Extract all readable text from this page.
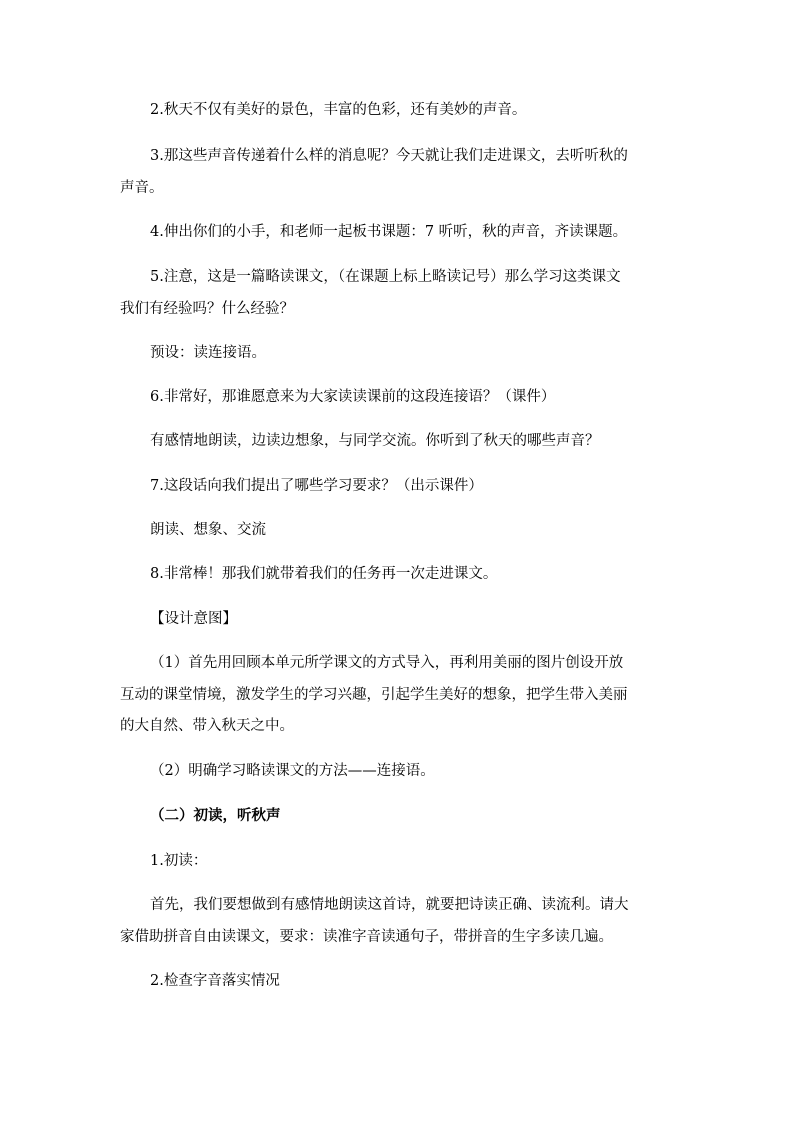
2.秋天不仅有美好的景色，丰富的色彩，还有美妙的声音。
3.那这些声音传递着什么样的消息呢？今天就让我们走进课文，去听听秋的
声音。
4.伸出你们的小手，和老师一起板书课题：7 听听，秋的声音，齐读课题。
5.注意，这是一篇略读课文，（在课题上标上略读记号）那么学习这类课文
我们有经验吗？什么经验？
预设：读连接语。
6.非常好，那谁愿意来为大家读读课前的这段连接语？（课件）
有感情地朗读，边读边想象，与同学交流。你听到了秋天的哪些声音？
7.这段话向我们提出了哪些学习要求？（出示课件）
朗读、想象、交流
8.非常棒！那我们就带着我们的任务再一次走进课文。
【设计意图】
（1）首先用回顾本单元所学课文的方式导入，再利用美丽的图片创设开放
互动的课堂情境，激发学生的学习兴趣，引起学生美好的想象，把学生带入美丽
的大自然、带入秋天之中。
（2）明确学习略读课文的方法——连接语。
（二）初读，听秋声
1.初读：
首先，我们要想做到有感情地朗读这首诗，就要把诗读正确、读流利。请大
家借助拼音自由读课文，要求：读准字音读通句子，带拼音的生字多读几遍。
2.检查字音落实情况
